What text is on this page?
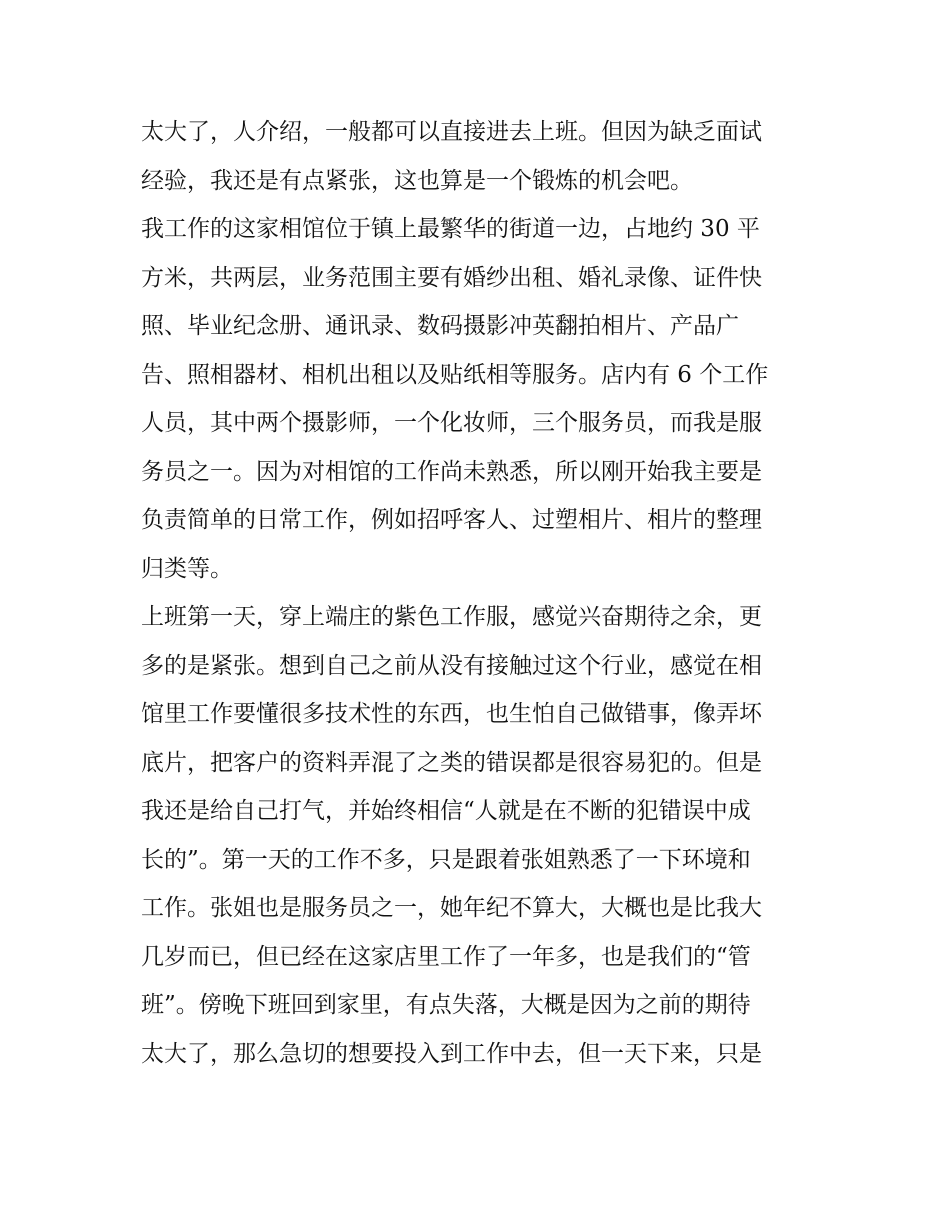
太大了，人介绍，一般都可以直接进去上班。但因为缺乏面试
经验，我还是有点紧张，这也算是一个锻炼的机会吧。
我工作的这家相馆位于镇上最繁华的街道一边，占地约 30 平
方米，共两层，业务范围主要有婚纱出租、婚礼录像、证件快
照、毕业纪念册、通讯录、数码摄影冲英翻拍相片、产品广
告、照相器材、相机出租以及贴纸相等服务。店内有 6 个工作
人员，其中两个摄影师，一个化妆师，三个服务员，而我是服
务员之一。因为对相馆的工作尚未熟悉，所以刚开始我主要是
负责简单的日常工作，例如招呼客人、过塑相片、相片的整理
归类等。
上班第一天，穿上端庄的紫色工作服，感觉兴奋期待之余，更
多的是紧张。想到自己之前从没有接触过这个行业，感觉在相
馆里工作要懂很多技术性的东西，也生怕自己做错事，像弄坏
底片，把客户的资料弄混了之类的错误都是很容易犯的。但是
我还是给自己打气，并始终相信“人就是在不断的犯错误中成
长的”。第一天的工作不多，只是跟着张姐熟悉了一下环境和
工作。张姐也是服务员之一，她年纪不算大，大概也是比我大
几岁而已，但已经在这家店里工作了一年多，也是我们的“管
班”。傍晚下班回到家里，有点失落，大概是因为之前的期待
太大了，那么急切的想要投入到工作中去，但一天下来，只是
